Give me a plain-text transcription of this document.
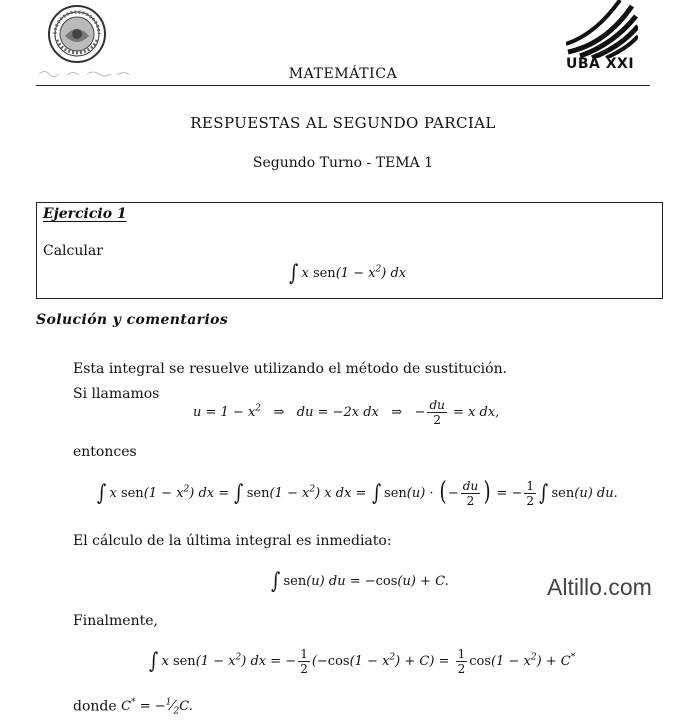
MATEMÁTICA
UBA XXI
RESPUESTAS AL SEGUNDO PARCIAL
Segundo Turno - TEMA 1
Ejercicio 1
Calcular
∫ x $sen(1 - x^2)$ dx
Solución y comentarios
Esta integral se resuelve utilizando el método de sustitución.
Si llamamos
$u = 1 - x^2$ ⇒   du = −2x dx   ⇒   − $\frac{du}{2} = x$ dx,
entonces
∫ x $sen(1 - x^2)$ dx = ∫ $sen(1 - x^2)$ x dx = ∫ sen(u) · ( − $\frac{du}{2}$ ) = − $\frac{1}{2}$ ∫ sen(u) du.
El cálculo de la última integral es inmediato:
∫ sen(u) du = −cos(u) + C.	Altillo.com
Finalmente,
∫ x $sen(1 - x^2)$ dx = − $\frac{1}{2} (-\cos(1 - x^2) + C) = \frac{1}{2} \cos(1 - x^2) + C^*$
donde $C^* = -^1⁄_2C$.
